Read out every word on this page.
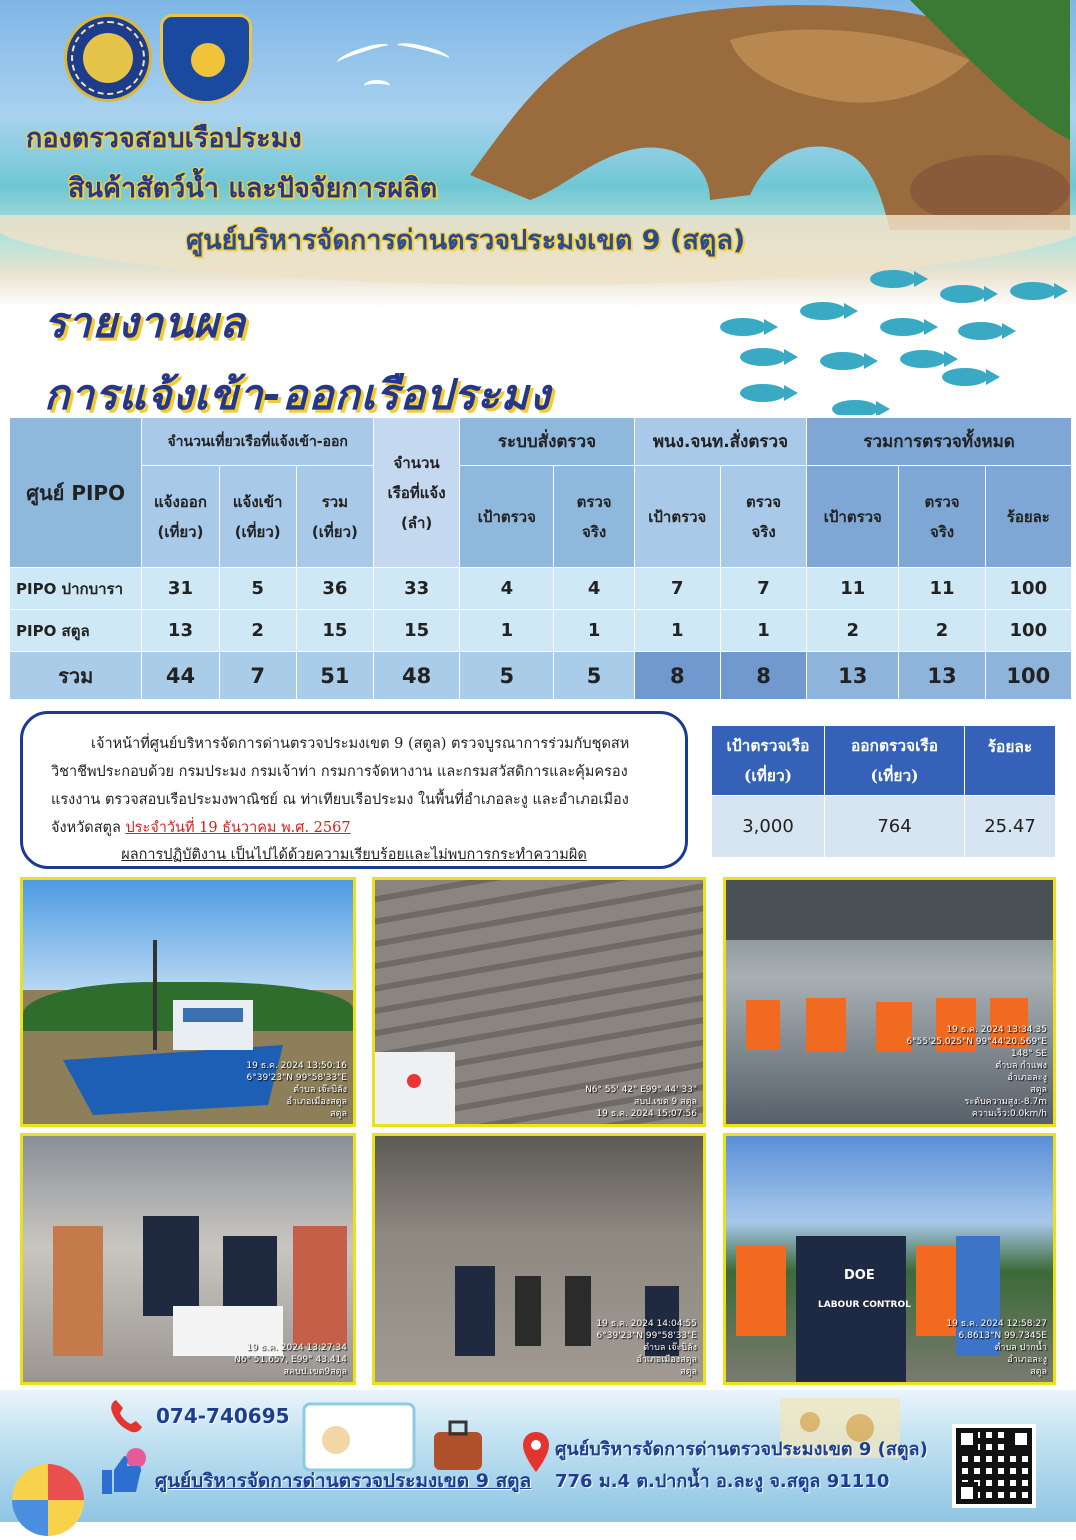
กองตรวจสอบเรือประมง
สินค้าสัตว์น้ำ และปัจจัยการผลิต
ศูนย์บริหารจัดการด่านตรวจประมงเขต 9 (สตูล)
รายงานผล
การแจ้งเข้า-ออกเรือประมง
ศูนย์ PIPO	จำนวนเที่ยวเรือที่แจ้งเข้า-ออก			จำนวน เรือที่แจ้ง (ลำ)	ระบบสั่งตรวจ		พนง.จนท.สั่งตรวจ		รวมการตรวจทั้งหมด		
	แจ้งออก (เที่ยว)	แจ้งเข้า (เที่ยว)	รวม (เที่ยว)		เป้าตรวจ	ตรวจ จริง	เป้าตรวจ	ตรวจ จริง	เป้าตรวจ	ตรวจ จริง	ร้อยละ
PIPO ปากบารา	31	5	36	33	4	4	7	7	11	11	100
PIPO สตูล	13	2	15	15	1	1	1	1	2	2	100
รวม	44	7	51	48	5	5	8	8	13	13	100

เจ้าหน้าที่ศูนย์บริหารจัดการด่านตรวจประมงเขต 9 (สตูล) ตรวจบูรณาการร่วมกับชุดสหวิชาชีพประกอบด้วย กรมประมง กรมเจ้าท่า กรมการจัดหางาน และกรมสวัสดิการและคุ้มครองแรงงาน ตรวจสอบเรือประมงพาณิชย์ ณ ท่าเทียบเรือประมง ในพื้นที่อำเภอละงู และอำเภอเมือง จังหวัดสตูล ประจำวันที่ 19 ธันวาคม พ.ศ. 2567

ผลการปฏิบัติงาน เป็นไปได้ด้วยความเรียบร้อยและไม่พบการกระทำความผิด
เป้าตรวจเรือ (เที่ยว)	ออกตรวจเรือ (เที่ยว)	ร้อยละ
3,000	764	25.47
19 ธ.ค. 2024 13:50:16
6°39'23"N 99°58'33"E
ตำบล เจ๊ะบิลัง
อำเภอเมืองสตูล
สตูล
N6° 55' 42" E99° 44' 33"
สบป.เขต 9 สตูล
19 ธ.ค. 2024 15:07:56
19 ธ.ค. 2024 13:34:35
6°55'25.025"N 99°44'20.569"E
148° SE
ตำบล กำแพง
อำเภอละงู
สตูล
ระดับความสูง:-8.7m
ความเร็ว:0.0km/h
19 ธ.ค. 2024 13:27:34
N6° 51.657, E99° 43.414
สคบป.เขต9สตูล
19 ธ.ค. 2024 14:04:55
6°39'23"N 99°58'33"E
ตำบล เจ๊ะบิลัง
อำเภอเมืองสตูล
สตูล
DOE
LABOUR CONTROL
19 ธ.ค. 2024 12:58:27
6.8613°N 99.7345E
ตำบล ปากน้ำ
อำเภอละงู
สตูล
074-740695
ศูนย์บริหารจัดการด่านตรวจประมงเขต 9 สตูล
ศูนย์บริหารจัดการด่านตรวจประมงเขต 9 (สตูล)
776 ม.4 ต.ปากน้ำ อ.ละงู จ.สตูล 91110
